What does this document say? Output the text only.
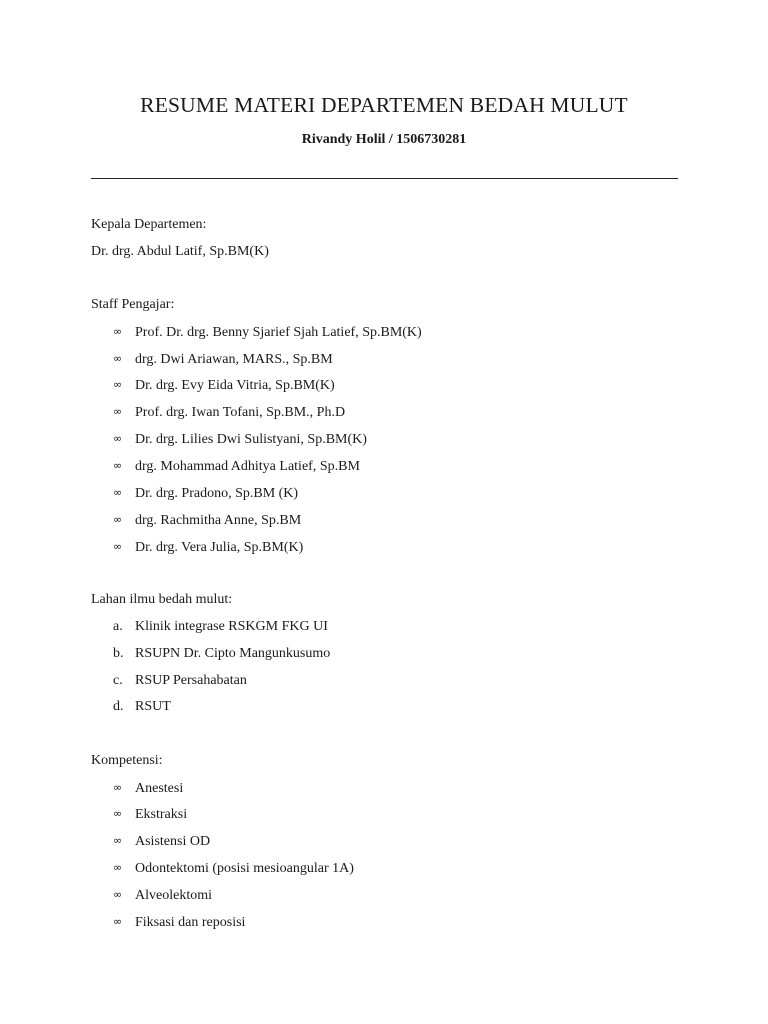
RESUME MATERI DEPARTEMEN BEDAH MULUT

Rivandy Holil / 1506730281

Kepala Departemen:
Dr. drg. Abdul Latif, Sp.BM(K)
Staff Pengajar:
∞ Prof. Dr. drg. Benny Sjarief Sjah Latief, Sp.BM(K)
∞ drg. Dwi Ariawan, MARS., Sp.BM
∞ Dr. drg. Evy Eida Vitria, Sp.BM(K)
∞ Prof. drg. Iwan Tofani, Sp.BM., Ph.D
∞ Dr. drg. Lilies Dwi Sulistyani, Sp.BM(K)
∞ drg. Mohammad Adhitya Latief, Sp.BM
∞ Dr. drg. Pradono, Sp.BM (K)
∞ drg. Rachmitha Anne, Sp.BM
∞ Dr. drg. Vera Julia, Sp.BM(K)
Lahan ilmu bedah mulut:
a. Klinik integrase RSKGM FKG UI
b. RSUPN Dr. Cipto Mangunkusumo
c. RSUP Persahabatan
d. RSUT
Kompetensi:
∞ Anestesi
∞ Ekstraksi
∞ Asistensi OD
∞ Odontektomi (posisi mesioangular 1A)
∞ Alveolektomi
∞ Fiksasi dan reposisi
